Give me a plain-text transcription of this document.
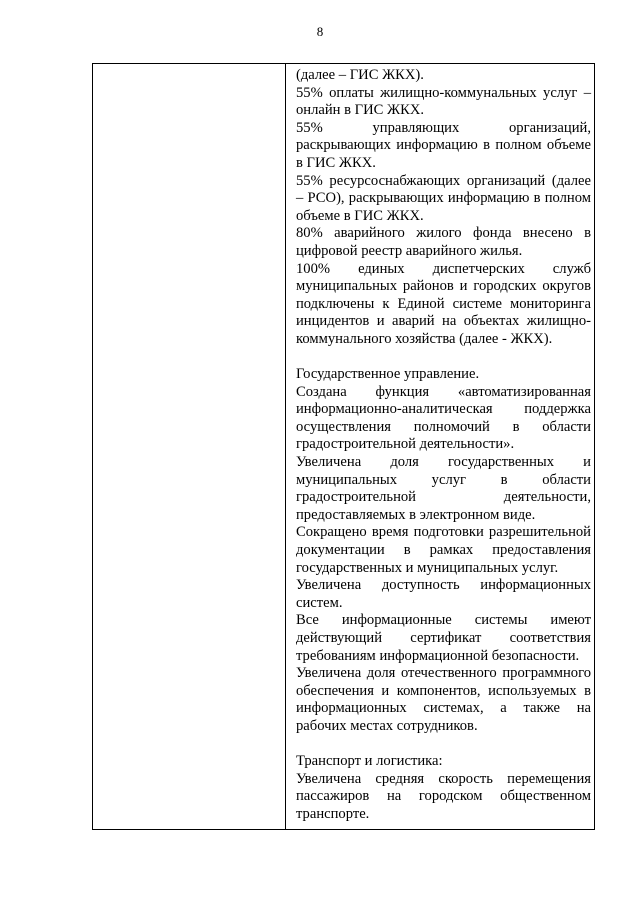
8

(далее – ГИС ЖКХ).

55% оплаты жилищно-коммунальных услуг – онлайн в ГИС ЖКХ.

55% управляющих организаций, раскрывающих информацию в полном объеме в ГИС ЖКХ.

55% ресурсоснабжающих организаций (далее – РСО), раскрывающих информацию в полном объеме в ГИС ЖКХ.

80% аварийного жилого фонда внесено в цифровой реестр аварийного жилья.

100% единых диспетчерских служб муниципальных районов и городских округов подключены к Единой системе мониторинга инцидентов и аварий на объектах жилищно-коммунального хозяйства (далее - ЖКХ).

Государственное управление.

Создана функция «автоматизированная информационно-аналитическая поддержка осуществления полномочий в области градостроительной деятельности».

Увеличена доля государственных и муниципальных услуг в области градостроительной деятельности, предоставляемых в электронном виде.

Сокращено время подготовки разрешительной документации в рамках предоставления государственных и муниципальных услуг.

Увеличена доступность информационных систем.

Все информационные системы имеют действующий сертификат соответствия требованиям информационной безопасности.

Увеличена доля отечественного программного обеспечения и компонентов, используемых в информационных системах, а также на рабочих местах сотрудников.

Транспорт и логистика:

Увеличена средняя скорость перемещения пассажиров на городском общественном транспорте.
